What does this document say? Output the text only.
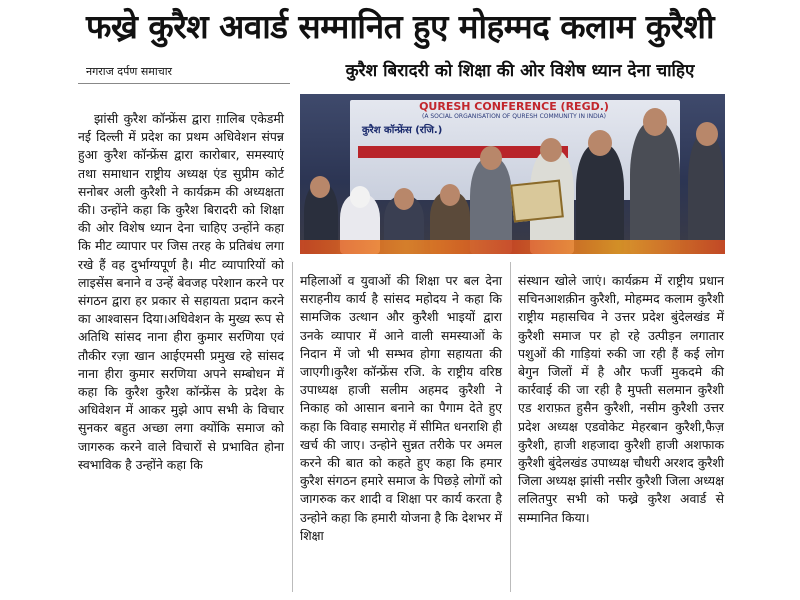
फख्रे कुरैश अवार्ड सम्मानित हुए मोहम्मद कलाम कुरैशी
नगराज दर्पण समाचार	कुरैश बिरादरी को शिक्षा की ओर विशेष ध्यान देना चाहिए
QURESH CONFERENCE (REGD.)
(A SOCIAL ORGANISATION OF QURESH COMMUNITY IN INDIA)
कुरैश कॉन्फ्रेंस (रजि.)
झांसी कुरैश कॉन्फ्रेंस द्वारा ग़ालिब एकेडमी नई दिल्ली में प्रदेश का प्रथम अधिवेशन संपन्न हुआ कुरैश कॉन्फ्रेंस द्वारा कारोबार, समस्याएं तथा समाधान राष्ट्रीय अध्यक्ष एंड सुप्रीम कोर्ट सनोबर अली कुरैशी ने कार्यक्रम की अध्यक्षता की। उन्होंने कहा कि कुरैश बिरादरी को शिक्षा की ओर विशेष ध्यान देना चाहिए उन्होंने कहा कि मीट व्यापार पर जिस तरह के प्रतिबंध लगा रखे हैं वह दुर्भाग्यपूर्ण है। मीट व्यापारियों को लाइसेंस बनाने व उन्हें बेवजह परेशान करने पर संगठन द्वारा हर प्रकार से सहायता प्रदान करने का आश्वासन दिया।अधिवेशन के मुख्य रूप से अतिथि सांसद नाना हीरा कुमार सरणिया एवं तौकीर रज़ा खान आईएमसी प्रमुख रहे सांसद नाना हीरा कुमार सरणिया अपने सम्बोधन में कहा कि कुरैश कुरैश कॉन्फ्रेंस के प्रदेश के अधिवेशन में आकर मुझे आप सभी के विचार सुनकर बहुत अच्छा लगा क्योंकि समाज को जागरुक करने वाले विचारों से प्रभावित होना स्वभाविक है उन्होंने कहा कि
महिलाओं व युवाओं की शिक्षा पर बल देना सराहनीय कार्य है सांसद महोदय ने कहा कि सामजिक उत्थान और कुरैशी भाइयों द्वारा उनके व्यापार में आने वाली समस्याओं के निदान में जो भी सम्भव होगा सहायता की जाएगी।कुरैश कॉन्फ्रेंस रजि. के राष्ट्रीय वरिष्ठ उपाध्यक्ष हाजी सलीम अहमद कुरैशी ने निकाह को आसान बनाने का पैगाम देते हुए कहा कि विवाह समारोह में सीमित धनराशि ही खर्च की जाए। उन्होने सुन्नत तरीके पर अमल करने की बात को कहते हुए कहा कि हमार कुरैश संगठन हमारे समाज के पिछड़े लोगों को जागरुक कर शादी व शिक्षा पर कार्य करता है उन्होने कहा कि हमारी योजना है कि देशभर में शिक्षा
संस्थान खोले जाएं। कार्यक्रम में राष्ट्रीय प्रधान सचिनआशक़ीन कुरैशी, मोहम्मद कलाम कुरैशी राष्ट्रीय महासचिव ने उत्तर प्रदेश बुंदेलखंड में कुरैशी समाज पर हो रहे उत्पीड़न लगातार पशुओं की गाड़ियां रुकी जा रही हैं कई लोग बेगुन जिलों में है और फर्जी मुकदमे की कार्रवाई की जा रही है मुफ्ती सलमान कुरैशी एड शराफ़त हुसैन कुरैशी, नसीम कुरैशी उत्तर प्रदेश अध्यक्ष एडवोकेट मेहरबान कुरैशी,फैज़ कुरैशी, हाजी शहजादा कुरैशी हाजी अशफाक कुरैशी बुंदेलखंड उपाध्यक्ष चौधरी अरशद कुरैशी जिला अध्यक्ष झांसी नसीर कुरैशी जिला अध्यक्ष ललितपुर सभी को फख्रे कुरैश अवार्ड से सम्मानित किया।
